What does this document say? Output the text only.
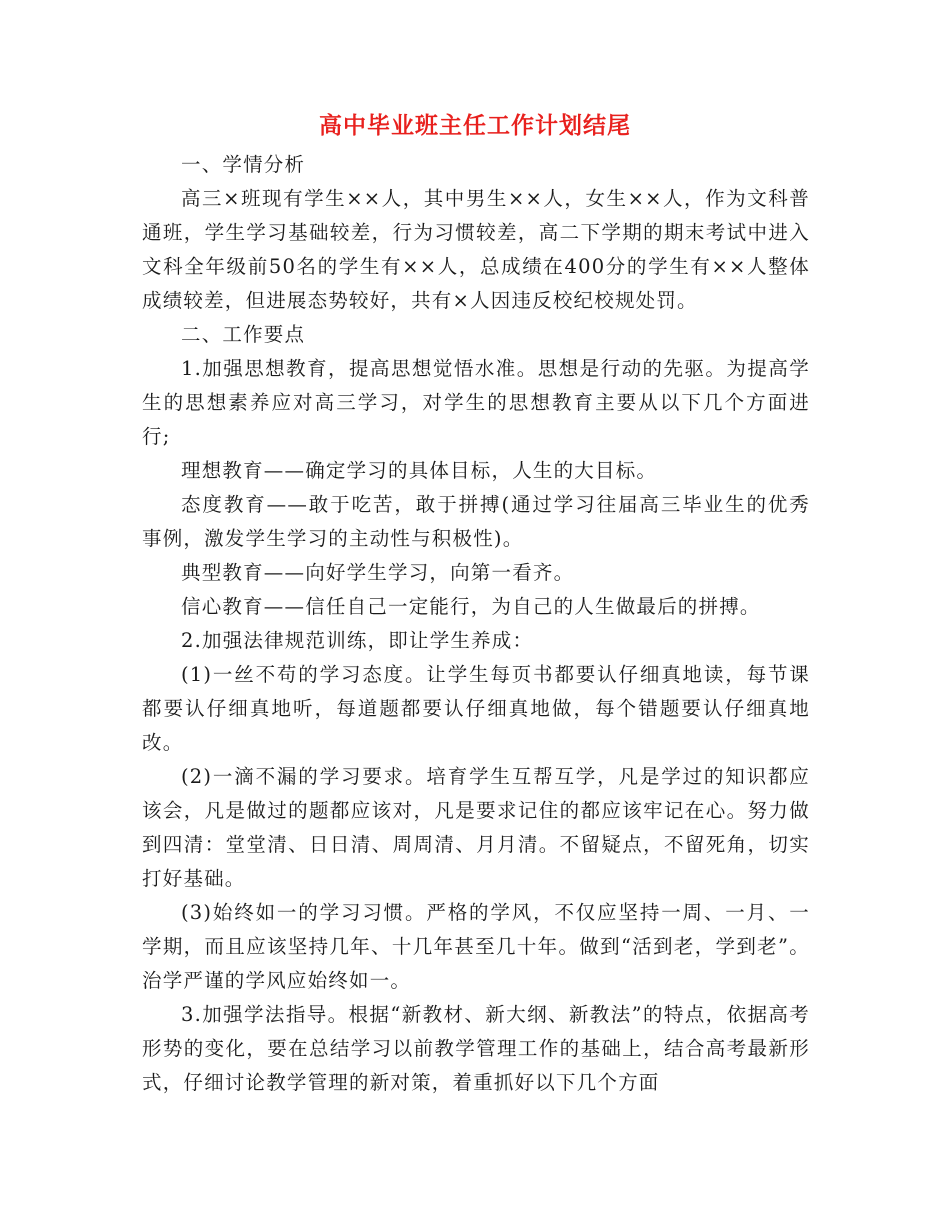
高中毕业班主任工作计划结尾

一、学情分析

高三×班现有学生××人，其中男生××人，女生××人，作为文科普通班，学生学习基础较差，行为习惯较差，高二下学期的期末考试中进入文科全年级前50名的学生有××人，总成绩在400分的学生有××人整体成绩较差，但进展态势较好，共有×人因违反校纪校规处罚。

二、工作要点

1.加强思想教育，提高思想觉悟水准。思想是行动的先驱。为提高学生的思想素养应对高三学习，对学生的思想教育主要从以下几个方面进行;

理想教育——确定学习的具体目标，人生的大目标。

态度教育——敢于吃苦，敢于拼搏(通过学习往届高三毕业生的优秀事例，激发学生学习的主动性与积极性)。

典型教育——向好学生学习，向第一看齐。

信心教育——信任自己一定能行，为自己的人生做最后的拼搏。

2.加强法律规范训练，即让学生养成：

(1)一丝不苟的学习态度。让学生每页书都要认仔细真地读，每节课都要认仔细真地听，每道题都要认仔细真地做，每个错题要认仔细真地改。

(2)一滴不漏的学习要求。培育学生互帮互学，凡是学过的知识都应该会，凡是做过的题都应该对，凡是要求记住的都应该牢记在心。努力做到四清：堂堂清、日日清、周周清、月月清。不留疑点，不留死角，切实打好基础。

(3)始终如一的学习习惯。严格的学风，不仅应坚持一周、一月、一学期，而且应该坚持几年、十几年甚至几十年。做到“活到老，学到老”。治学严谨的学风应始终如一。

3.加强学法指导。根据“新教材、新大纲、新教法”的特点，依据高考形势的变化，要在总结学习以前教学管理工作的基础上，结合高考最新形式，仔细讨论教学管理的新对策，着重抓好以下几个方面
